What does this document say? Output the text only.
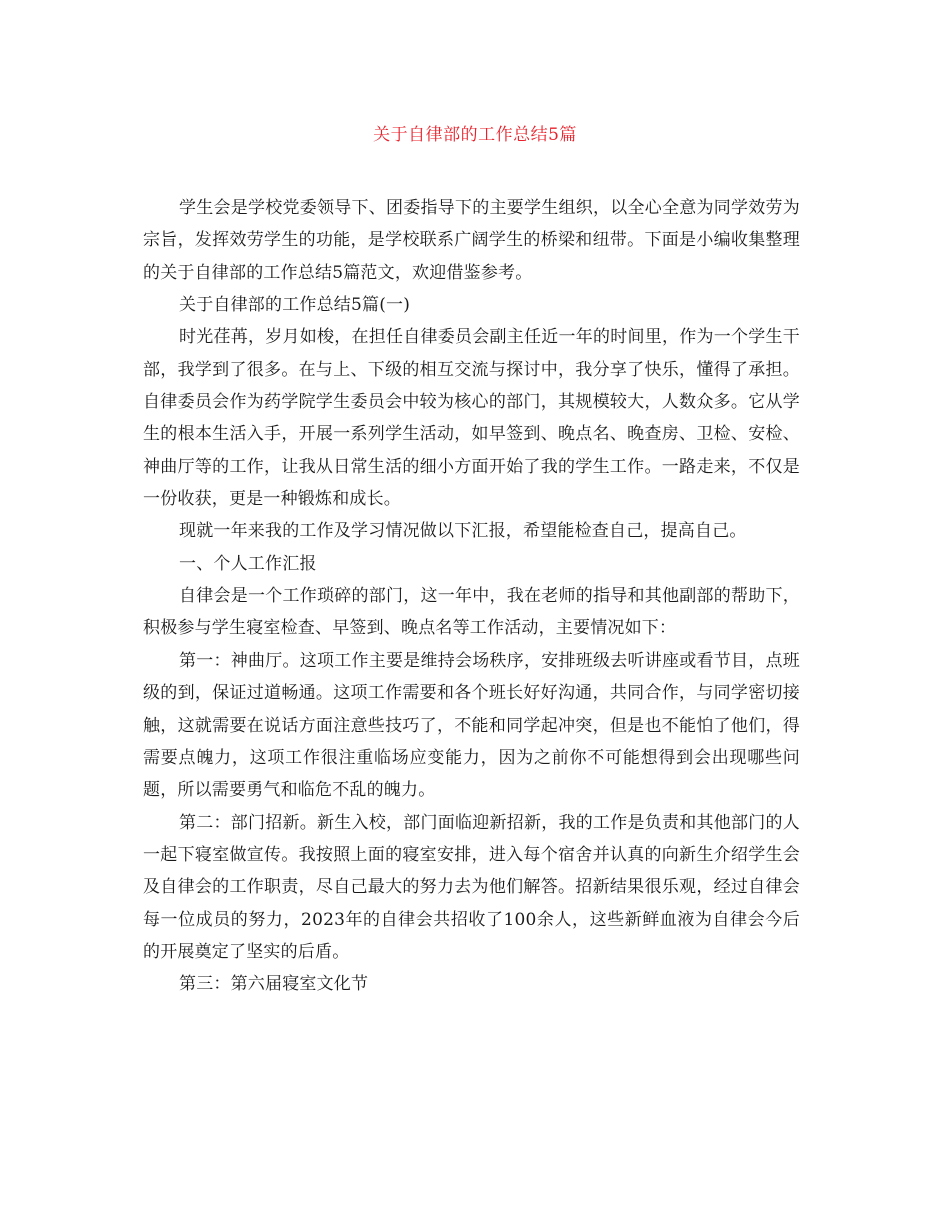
关于自律部的工作总结5篇

学生会是学校党委领导下、团委指导下的主要学生组织，以全心全意为同学效劳为宗旨，发挥效劳学生的功能，是学校联系广阔学生的桥梁和纽带。下面是小编收集整理的关于自律部的工作总结5篇范文，欢迎借鉴参考。

关于自律部的工作总结5篇(一)

时光荏苒，岁月如梭，在担任自律委员会副主任近一年的时间里，作为一个学生干部，我学到了很多。在与上、下级的相互交流与探讨中，我分享了快乐，懂得了承担。自律委员会作为药学院学生委员会中较为核心的部门，其规模较大，人数众多。它从学生的根本生活入手，开展一系列学生活动，如早签到、晚点名、晚查房、卫检、安检、神曲厅等的工作，让我从日常生活的细小方面开始了我的学生工作。一路走来，不仅是一份收获，更是一种锻炼和成长。

现就一年来我的工作及学习情况做以下汇报，希望能检查自己，提高自己。

一、个人工作汇报

自律会是一个工作琐碎的部门，这一年中，我在老师的指导和其他副部的帮助下，积极参与学生寝室检查、早签到、晚点名等工作活动，主要情况如下：

第一：神曲厅。这项工作主要是维持会场秩序，安排班级去听讲座或看节目，点班级的到，保证过道畅通。这项工作需要和各个班长好好沟通，共同合作，与同学密切接触，这就需要在说话方面注意些技巧了，不能和同学起冲突，但是也不能怕了他们，得需要点魄力，这项工作很注重临场应变能力，因为之前你不可能想得到会出现哪些问题，所以需要勇气和临危不乱的魄力。

第二：部门招新。新生入校，部门面临迎新招新，我的工作是负责和其他部门的人一起下寝室做宣传。我按照上面的寝室安排，进入每个宿舍并认真的向新生介绍学生会及自律会的工作职责，尽自己最大的努力去为他们解答。招新结果很乐观，经过自律会每一位成员的努力，2023年的自律会共招收了100余人，这些新鲜血液为自律会今后的开展奠定了坚实的后盾。

第三：第六届寝室文化节
